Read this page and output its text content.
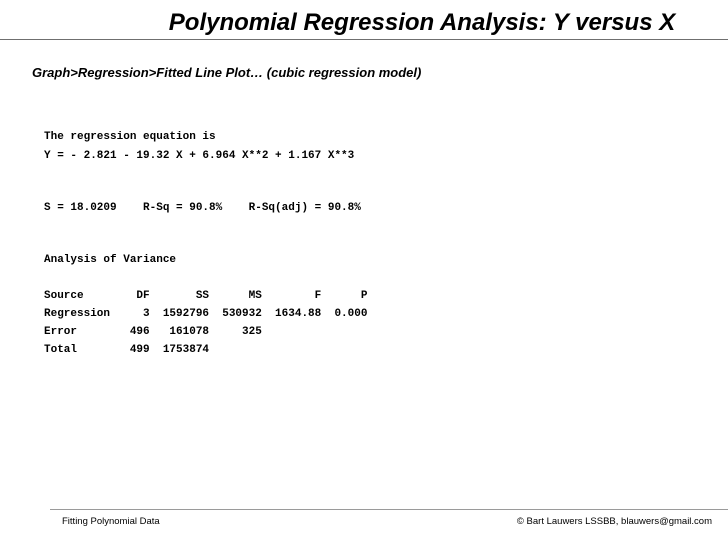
Polynomial Regression Analysis: Y versus X
Graph>Regression>Fitted Line Plot… (cubic regression model)
The regression equation is
Y = - 2.821 - 19.32 X + 6.964 X**2 + 1.167 X**3
S = 18.0209    R-Sq = 90.8%    R-Sq(adj) = 90.8%
Analysis of Variance
Source        DF       SS      MS        F      P
Regression     3  1592796  530932  1634.88  0.000
Error        496   161078     325
Total        499  1753874
Fitting Polynomial Data	© Bart Lauwers LSSBB, blauwers@gmail.com
